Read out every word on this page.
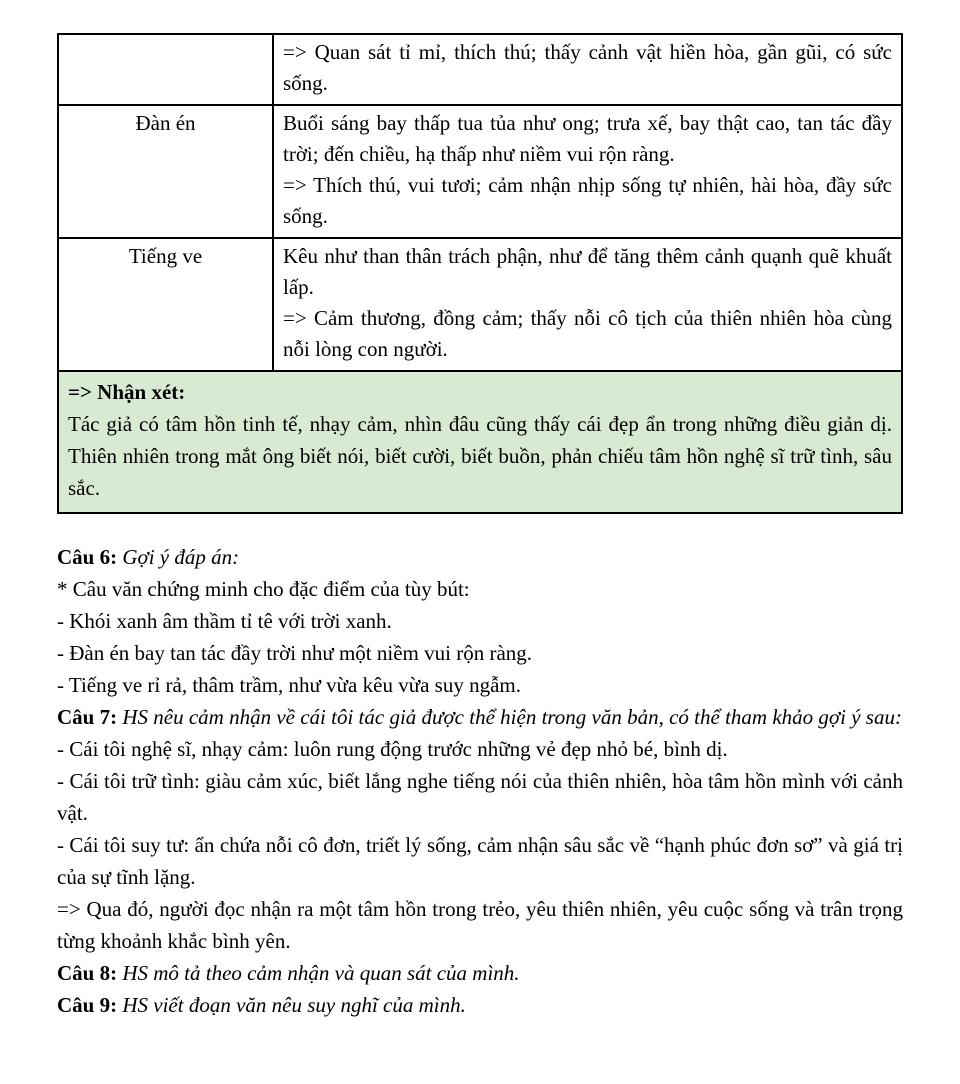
	=> Quan sát tỉ mỉ, thích thú; thấy cảnh vật hiền hòa, gần gũi, có sức sống.

Đàn én	Buổi sáng bay thấp tua tủa như ong; trưa xế, bay thật cao, tan tác đầy trời; đến chiều, hạ thấp như niềm vui rộn ràng.

=> Thích thú, vui tươi; cảm nhận nhịp sống tự nhiên, hài hòa, đầy sức sống.

Tiếng ve	Kêu như than thân trách phận, như để tăng thêm cảnh quạnh quẽ khuất lấp.

=> Cảm thương, đồng cảm; thấy nỗi cô tịch của thiên nhiên hòa cùng nỗi lòng con người.

=> Nhận xét:

Tác giả có tâm hồn tinh tế, nhạy cảm, nhìn đâu cũng thấy cái đẹp ẩn trong những điều giản dị. Thiên nhiên trong mắt ông biết nói, biết cười, biết buồn, phản chiếu tâm hồn nghệ sĩ trữ tình, sâu sắc.	

Câu 6: Gợi ý đáp án:

* Câu văn chứng minh cho đặc điểm của tùy bút:

- Khói xanh âm thầm tỉ tê với trời xanh.

- Đàn én bay tan tác đầy trời như một niềm vui rộn ràng.

- Tiếng ve rỉ rả, thâm trầm, như vừa kêu vừa suy ngẫm.

Câu 7: HS nêu cảm nhận về cái tôi tác giả được thể hiện trong văn bản, có thể tham khảo gợi ý sau:

- Cái tôi nghệ sĩ, nhạy cảm: luôn rung động trước những vẻ đẹp nhỏ bé, bình dị.

- Cái tôi trữ tình: giàu cảm xúc, biết lắng nghe tiếng nói của thiên nhiên, hòa tâm hồn mình với cảnh vật.

- Cái tôi suy tư: ẩn chứa nỗi cô đơn, triết lý sống, cảm nhận sâu sắc về “hạnh phúc đơn sơ” và giá trị của sự tĩnh lặng.

=> Qua đó, người đọc nhận ra một tâm hồn trong trẻo, yêu thiên nhiên, yêu cuộc sống và trân trọng từng khoảnh khắc bình yên.

Câu 8: HS mô tả theo cảm nhận và quan sát của mình.

Câu 9: HS viết đoạn văn nêu suy nghĩ của mình.
